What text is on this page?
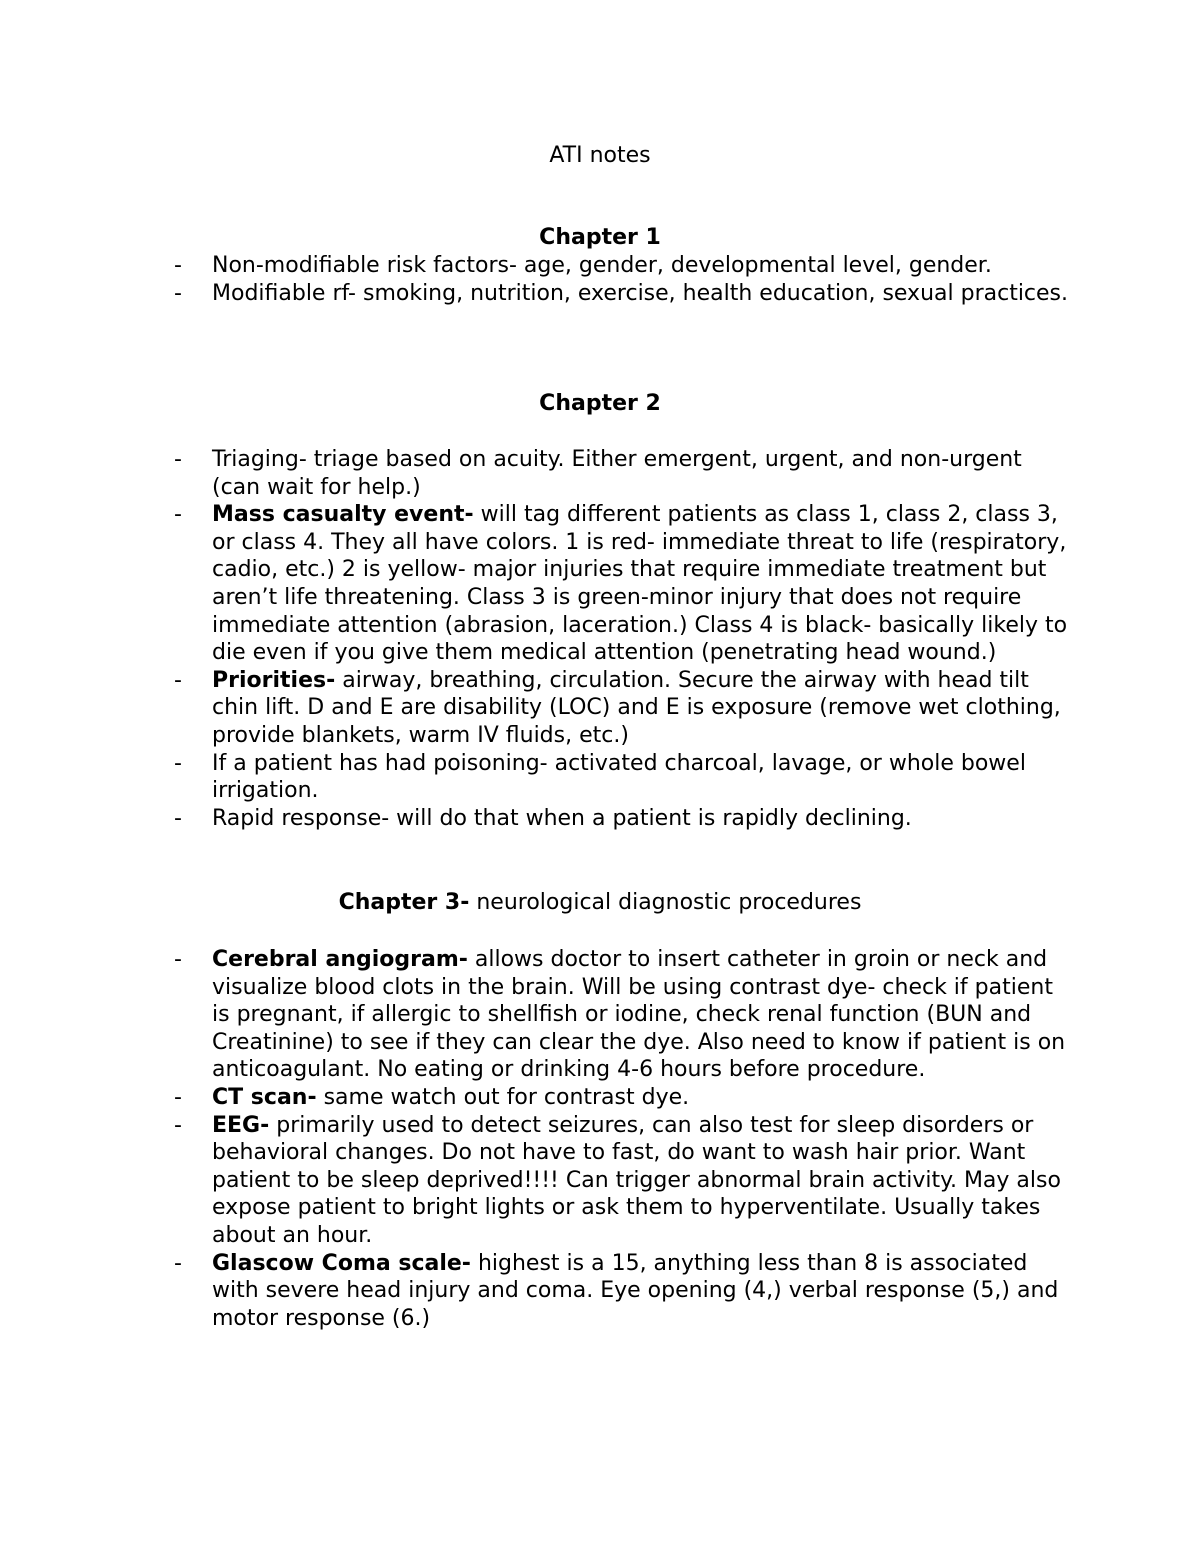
ATI notes
Chapter 1
- Non-modifiable risk factors- age, gender, developmental level, gender.
- Modifiable rf- smoking, nutrition, exercise, health education, sexual practices.
Chapter 2
- Triaging- triage based on acuity. Either emergent, urgent, and non-urgent (can wait for help.)
- Mass casualty event- will tag different patients as class 1, class 2, class 3, or class 4. They all have colors. 1 is red- immediate threat to life (respiratory, cadio, etc.) 2 is yellow- major injuries that require immediate treatment but aren’t life threatening. Class 3 is green-minor injury that does not require immediate attention (abrasion, laceration.) Class 4 is black- basically likely to die even if you give them medical attention (penetrating head wound.)
- Priorities- airway, breathing, circulation. Secure the airway with head tilt chin lift. D and E are disability (LOC) and E is exposure (remove wet clothing, provide blankets, warm IV fluids, etc.)
- If a patient has had poisoning- activated charcoal, lavage, or whole bowel irrigation.
- Rapid response- will do that when a patient is rapidly declining.
Chapter 3- neurological diagnostic procedures
- Cerebral angiogram- allows doctor to insert catheter in groin or neck and visualize blood clots in the brain. Will be using contrast dye- check if patient is pregnant, if allergic to shellfish or iodine, check renal function (BUN and Creatinine) to see if they can clear the dye. Also need to know if patient is on anticoagulant. No eating or drinking 4-6 hours before procedure.
- CT scan- same watch out for contrast dye.
- EEG- primarily used to detect seizures, can also test for sleep disorders or behavioral changes. Do not have to fast, do want to wash hair prior. Want patient to be sleep deprived!!!! Can trigger abnormal brain activity. May also expose patient to bright lights or ask them to hyperventilate. Usually takes about an hour.
- Glascow Coma scale- highest is a 15, anything less than 8 is associated with severe head injury and coma. Eye opening (4,) verbal response (5,) and motor response (6.)
